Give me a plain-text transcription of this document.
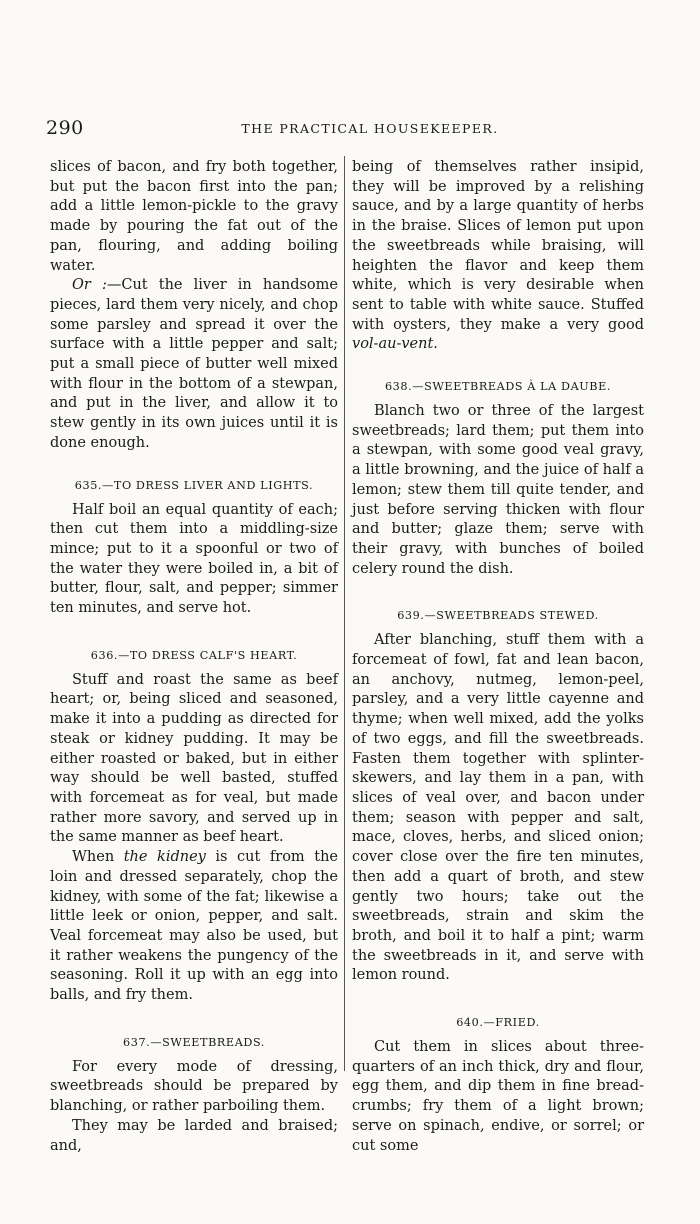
290	THE PRACTICAL HOUSEKEEPER.

slices of bacon, and fry both together, but put the bacon first into the pan; add a little lemon-pickle to the gravy made by pouring the fat out of the pan, flouring, and adding boiling water.

Or :—Cut the liver in handsome pieces, lard them very nicely, and chop some parsley and spread it over the surface with a little pepper and salt; put a small piece of butter well mixed with flour in the bottom of a stewpan, and put in the liver, and allow it to stew gently in its own juices until it is done enough.

635.—TO DRESS LIVER AND LIGHTS.

Half boil an equal quantity of each; then cut them into a middling-size mince; put to it a spoonful or two of the water they were boiled in, a bit of butter, flour, salt, and pepper; simmer ten minutes, and serve hot.

636.—TO DRESS CALF'S HEART.

Stuff and roast the same as beef heart; or, being sliced and seasoned, make it into a pudding as directed for steak or kidney pudding. It may be either roasted or baked, but in either way should be well basted, stuffed with forcemeat as for veal, but made rather more savory, and served up in the same manner as beef heart.

When the kidney is cut from the loin and dressed separately, chop the kidney, with some of the fat; likewise a little leek or onion, pepper, and salt. Veal forcemeat may also be used, but it rather weakens the pungency of the seasoning. Roll it up with an egg into balls, and fry them.

637.—SWEETBREADS.

For every mode of dressing, sweetbreads should be prepared by blanching, or rather parboiling them.

They may be larded and braised; and,

being of themselves rather insipid, they will be improved by a relishing sauce, and by a large quantity of herbs in the braise. Slices of lemon put upon the sweetbreads while braising, will heighten the flavor and keep them white, which is very desirable when sent to table with white sauce. Stuffed with oysters, they make a very good vol-au-vent.

638.—SWEETBREADS À LA DAUBE.

Blanch two or three of the largest sweetbreads; lard them; put them into a stewpan, with some good veal gravy, a little browning, and the juice of half a lemon; stew them till quite tender, and just before serving thicken with flour and butter; glaze them; serve with their gravy, with bunches of boiled celery round the dish.

639.—SWEETBREADS STEWED.

After blanching, stuff them with a forcemeat of fowl, fat and lean bacon, an anchovy, nutmeg, lemon-peel, parsley, and a very little cayenne and thyme; when well mixed, add the yolks of two eggs, and fill the sweetbreads. Fasten them together with splinter-skewers, and lay them in a pan, with slices of veal over, and bacon under them; season with pepper and salt, mace, cloves, herbs, and sliced onion; cover close over the fire ten minutes, then add a quart of broth, and stew gently two hours; take out the sweetbreads, strain and skim the broth, and boil it to half a pint; warm the sweetbreads in it, and serve with lemon round.

640.—FRIED.

Cut them in slices about three-quarters of an inch thick, dry and flour, egg them, and dip them in fine bread-crumbs; fry them of a light brown; serve on spinach, endive, or sorrel; or cut some
